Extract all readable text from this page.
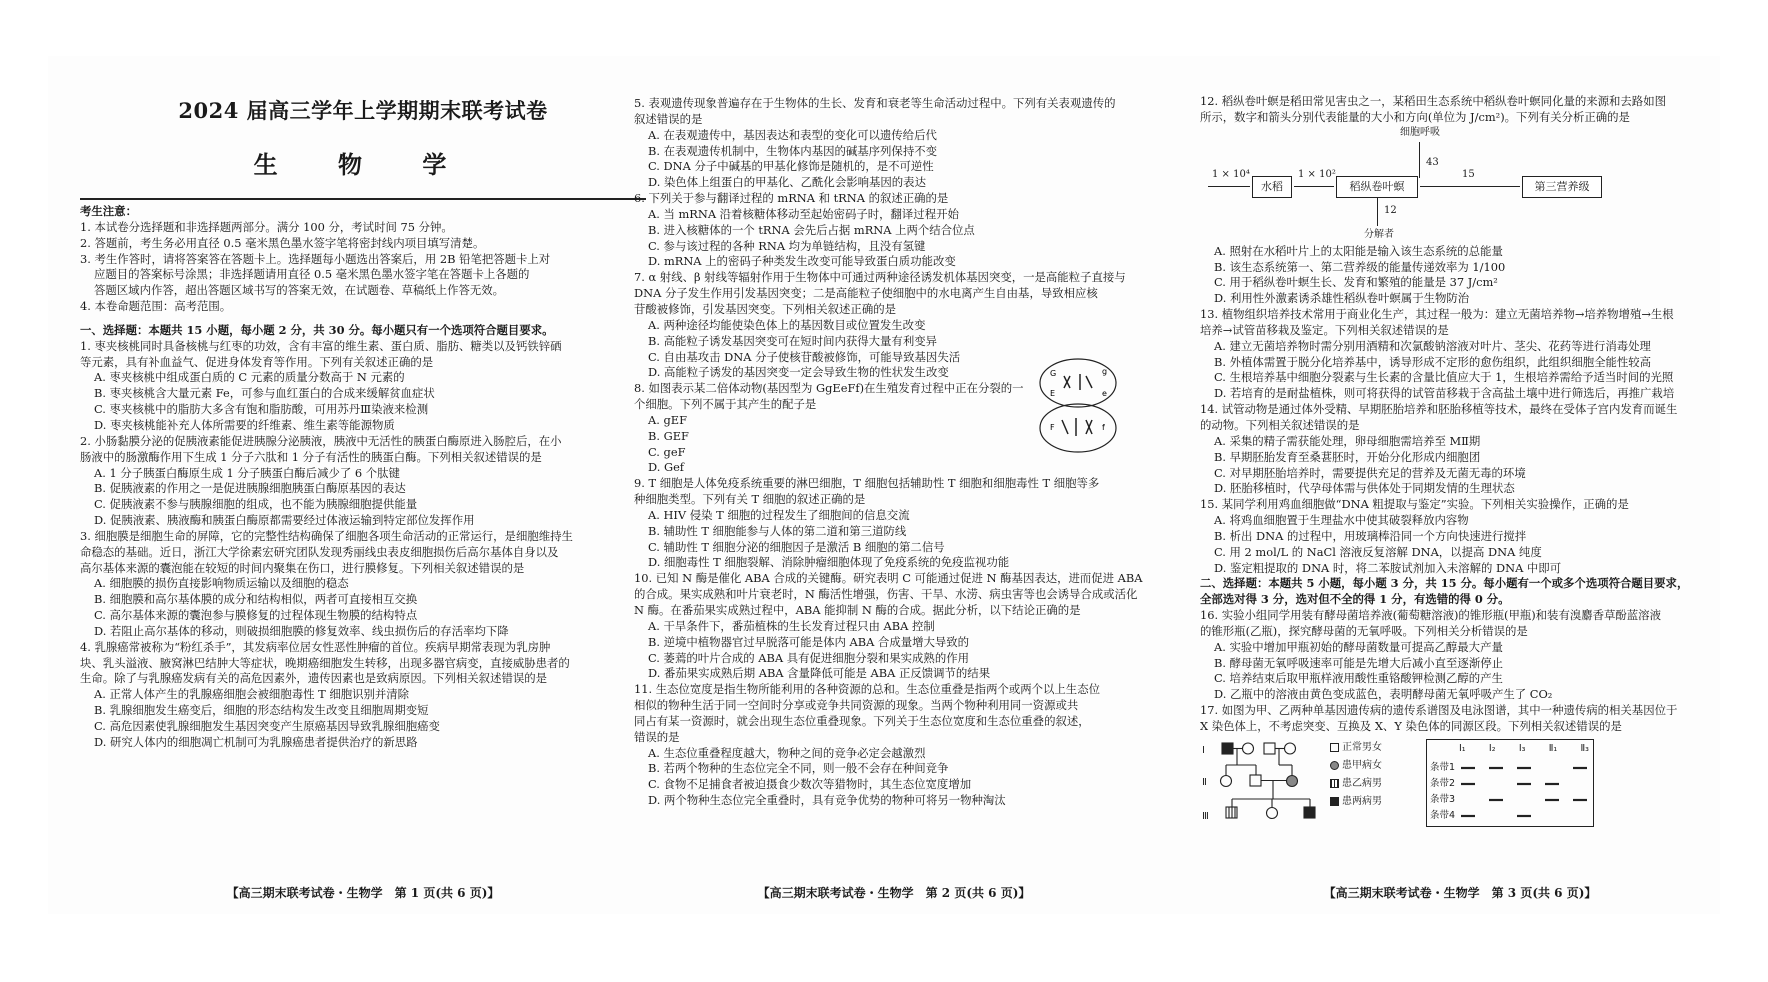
2024 届高三学年上学期期末联考试卷
生 物 学
考生注意：
1. 本试卷分选择题和非选择题两部分。满分 100 分，考试时间 75 分钟。
2. 答题前，考生务必用直径 0.5 毫米黑色墨水签字笔将密封线内项目填写清楚。
3. 考生作答时，请将答案答在答题卡上。选择题每小题选出答案后，用 2B 铅笔把答题卡上对
应题目的答案标号涂黑；非选择题请用直径 0.5 毫米黑色墨水签字笔在答题卡上各题的
答题区域内作答，超出答题区域书写的答案无效，在试题卷、草稿纸上作答无效。
4. 本卷命题范围：高考范围。
一、选择题：本题共 15 小题，每小题 2 分，共 30 分。每小题只有一个选项符合题目要求。
1. 枣夹核桃同时具备核桃与红枣的功效，含有丰富的维生素、蛋白质、脂肪、糖类以及钙铁锌硒
等元素，具有补血益气、促进身体发育等作用。下列有关叙述正确的是
A. 枣夹核桃中组成蛋白质的 C 元素的质量分数高于 N 元素的
B. 枣夹核桃含大量元素 Fe，可参与血红蛋白的合成来缓解贫血症状
C. 枣夹核桃中的脂肪大多含有饱和脂肪酸，可用苏丹Ⅲ染液来检测
D. 枣夹核桃能补充人体所需要的纤维素、维生素等能源物质
2. 小肠黏膜分泌的促胰液素能促进胰腺分泌胰液，胰液中无活性的胰蛋白酶原进入肠腔后，在小
肠液中的肠激酶作用下生成 1 分子六肽和 1 分子有活性的胰蛋白酶。下列相关叙述错误的是
A. 1 分子胰蛋白酶原生成 1 分子胰蛋白酶后减少了 6 个肽键
B. 促胰液素的作用之一是促进胰腺细胞胰蛋白酶原基因的表达
C. 促胰液素不参与胰腺细胞的组成，也不能为胰腺细胞提供能量
D. 促胰液素、胰液酶和胰蛋白酶原都需要经过体液运输到特定部位发挥作用
3. 细胞膜是细胞生命的屏障，它的完整性结构确保了细胞各项生命活动的正常运行，是细胞维持生
命稳态的基础。近日，浙江大学徐素宏研究团队发现秀丽线虫表皮细胞损伤后高尔基体自身以及
高尔基体来源的囊泡能在较短的时间内聚集在伤口，进行膜修复。下列相关叙述错误的是
A. 细胞膜的损伤直接影响物质运输以及细胞的稳态
B. 细胞膜和高尔基体膜的成分和结构相似，两者可直接相互交换
C. 高尔基体来源的囊泡参与膜修复的过程体现生物膜的结构特点
D. 若阻止高尔基体的移动，则破损细胞膜的修复效率、线虫损伤后的存活率均下降
4. 乳腺癌常被称为“粉红杀手”，其发病率位居女性恶性肿瘤的首位。疾病早期常表现为乳房肿
块、乳头溢液、腋窝淋巴结肿大等症状，晚期癌细胞发生转移，出现多器官病变，直接威胁患者的
生命。除了与乳腺癌发病有关的高危因素外，遗传因素也是致病原因。下列相关叙述错误的是
A. 正常人体产生的乳腺癌细胞会被细胞毒性 T 细胞识别并清除
B. 乳腺细胞发生癌变后，细胞的形态结构发生改变且细胞周期变短
C. 高危因素使乳腺细胞发生基因突变产生原癌基因导致乳腺细胞癌变
D. 研究人体内的细胞凋亡机制可为乳腺癌患者提供治疗的新思路
【高三期末联考试卷・生物学　第 1 页(共 6 页)】
5. 表观遗传现象普遍存在于生物体的生长、发育和衰老等生命活动过程中。下列有关表观遗传的
叙述错误的是
A. 在表观遗传中，基因表达和表型的变化可以遗传给后代
B. 在表观遗传机制中，生物体内基因的碱基序列保持不变
C. DNA 分子中碱基的甲基化修饰是随机的，是不可逆性
D. 染色体上组蛋白的甲基化、乙酰化会影响基因的表达
6. 下列关于参与翻译过程的 mRNA 和 tRNA 的叙述正确的是
A. 当 mRNA 沿着核糖体移动至起始密码子时，翻译过程开始
B. 进入核糖体的一个 tRNA 会先后占据 mRNA 上两个结合位点
C. 参与该过程的各种 RNA 均为单链结构，且没有氢键
D. mRNA 上的密码子种类发生改变可能导致蛋白质功能改变
7. α 射线、β 射线等辐射作用于生物体中可通过两种途径诱发机体基因突变，一是高能粒子直接与
DNA 分子发生作用引发基因突变；二是高能粒子使细胞中的水电离产生自由基，导致相应核
苷酸被修饰，引发基因突变。下列相关叙述正确的是
A. 两种途径均能使染色体上的基因数目或位置发生改变
B. 高能粒子诱发基因突变可在短时间内获得大量有利变异
C. 自由基攻击 DNA 分子使核苷酸被修饰，可能导致基因失活
D. 高能粒子诱发的基因突变一定会导致生物的性状发生改变
8. 如图表示某二倍体动物(基因型为 GgEeFf)在生殖发育过程中正在分裂的一
个细胞。下列不属于其产生的配子是
A. gEF
B. GEF
C. geF
D. Gef
9. T 细胞是人体免疫系统重要的淋巴细胞，T 细胞包括辅助性 T 细胞和细胞毒性 T 细胞等多
种细胞类型。下列有关 T 细胞的叙述正确的是
A. HIV 侵染 T 细胞的过程发生了细胞间的信息交流
B. 辅助性 T 细胞能参与人体的第二道和第三道防线
C. 辅助性 T 细胞分泌的细胞因子是激活 B 细胞的第二信号
D. 细胞毒性 T 细胞裂解、消除肿瘤细胞体现了免疫系统的免疫监视功能
10. 已知 N 酶是催化 ABA 合成的关键酶。研究表明 C 可能通过促进 N 酶基因表达，进而促进 ABA
的合成。果实成熟和叶片衰老时，N 酶活性增强，伤害、干旱、水涝、病虫害等也会诱导合成或活化
N 酶。在番茄果实成熟过程中，ABA 能抑制 N 酶的合成。据此分析，以下结论正确的是
A. 干旱条件下，番茄植株的生长发育过程只由 ABA 控制
B. 逆境中植物器官过早脱落可能是体内 ABA 合成量增大导致的
C. 萎蔫的叶片合成的 ABA 具有促进细胞分裂和果实成熟的作用
D. 番茄果实成熟后期 ABA 含量降低可能是 ABA 正反馈调节的结果
11. 生态位宽度是指生物所能利用的各种资源的总和。生态位重叠是指两个或两个以上生态位
相似的物种生活于同一空间时分享或竞争共同资源的现象。当两个物种利用同一资源或共
同占有某一资源时，就会出现生态位重叠现象。下列关于生态位宽度和生态位重叠的叙述，
错误的是
A. 生态位重叠程度越大，物种之间的竞争必定会越激烈
B. 若两个物种的生态位完全不同，则一般不会存在种间竞争
C. 食物不足捕食者被迫摄食少数次等猎物时，其生态位宽度增加
D. 两个物种生态位完全重叠时，具有竞争优势的物种可将另一物种淘汰
G	g
E	e
F	f
【高三期末联考试卷・生物学　第 2 页(共 6 页)】
12. 稻纵卷叶螟是稻田常见害虫之一，某稻田生态系统中稻纵卷叶螟同化量的来源和去路如图
所示，数字和箭头分别代表能量的大小和方向(单位为 J/cm²)。下列有关分析正确的是
细胞呼吸
43
1 × 10⁴
水稻
1 × 10²
稻纵卷叶螟
15
第三营养级
12
分解者
A. 照射在水稻叶片上的太阳能是输入该生态系统的总能量
B. 该生态系统第一、第二营养级的能量传递效率为 1/100
C. 用于稻纵卷叶螟生长、发育和繁殖的能量是 37 J/cm²
D. 利用性外激素诱杀雄性稻纵卷叶螟属于生物防治
13. 植物组织培养技术常用于商业化生产，其过程一般为：建立无菌培养物→培养物增殖→生根
培养→试管苗移栽及鉴定。下列相关叙述错误的是
A. 建立无菌培养物时需分别用酒精和次氯酸钠溶液对叶片、茎尖、花药等进行消毒处理
B. 外植体需置于脱分化培养基中，诱导形成不定形的愈伤组织，此组织细胞全能性较高
C. 生根培养基中细胞分裂素与生长素的含量比值应大于 1，生根培养需给予适当时间的光照
D. 若培育的是耐盐植株，则可将获得的试管苗移栽于含高盐土壤中进行筛选后，再推广栽培
14. 试管动物是通过体外受精、早期胚胎培养和胚胎移植等技术，最终在受体子宫内发育而诞生
的动物。下列相关叙述错误的是
A. 采集的精子需获能处理，卵母细胞需培养至 MⅡ期
B. 早期胚胎发育至桑葚胚时，开始分化形成内细胞团
C. 对早期胚胎培养时，需要提供充足的营养及无菌无毒的环境
D. 胚胎移植时，代孕母体需与供体处于同期发情的生理状态
15. 某同学利用鸡血细胞做“DNA 粗提取与鉴定”实验。下列相关实验操作，正确的是
A. 将鸡血细胞置于生理盐水中使其破裂释放内容物
B. 析出 DNA 的过程中，用玻璃棒沿同一个方向快速进行搅拌
C. 用 2 mol/L 的 NaCl 溶液反复溶解 DNA，以提高 DNA 纯度
D. 鉴定粗提取的 DNA 时，将二苯胺试剂加入未溶解的 DNA 中即可
二、选择题：本题共 5 小题，每小题 3 分，共 15 分。每小题有一个或多个选项符合题目要求，
全部选对得 3 分，选对但不全的得 1 分，有选错的得 0 分。
16. 实验小组同学用装有酵母菌培养液(葡萄糖溶液)的锥形瓶(甲瓶)和装有溴麝香草酚蓝溶液
的锥形瓶(乙瓶)，探究酵母菌的无氧呼吸。下列相关分析错误的是
A. 实验中增加甲瓶初始的酵母菌数量可提高乙醇最大产量
B. 酵母菌无氧呼吸速率可能是先增大后减小直至逐渐停止
C. 培养结束后取甲瓶样液用酸性重铬酸钾检测乙醇的产生
D. 乙瓶中的溶液由黄色变成蓝色，表明酵母菌无氧呼吸产生了 CO₂
17. 如图为甲、乙两种单基因遗传病的遗传系谱图及电泳图谱，其中一种遗传病的相关基因位于
X 染色体上，不考虑突变、互换及 X、Y 染色体的同源区段。下列相关叙述错误的是
Ⅰ
Ⅱ
Ⅲ
正常男女
患甲病女
患乙病男
患两病男
Ⅰ₁ Ⅰ₂ Ⅰ₃ Ⅱ₁ Ⅱ₃
条带1
条带2
条带3
条带4
【高三期末联考试卷・生物学　第 3 页(共 6 页)】
